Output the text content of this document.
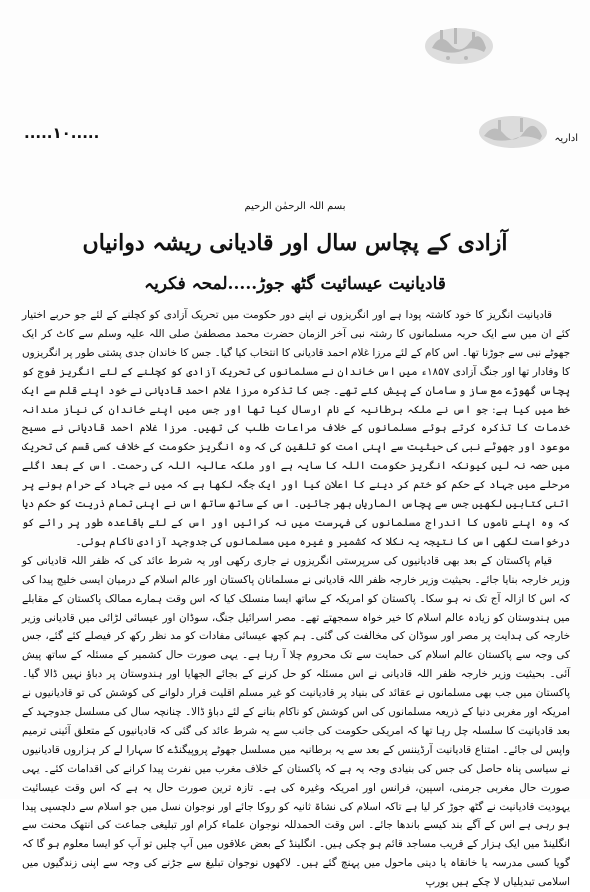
اداریہ
.....۱۰.....
بسم اللہ الرحمٰن الرحیم
آزادی کے پچاس سال اور قادیانی ریشہ دوانیاں
قادیانیت عیسائیت گٹھ جوڑ.....لمحہ فکریہ

قادیانیت انگریز کا خود کاشتہ پودا ہے اور انگریزوں نے اپنے دور حکومت میں تحریک آزادی کو کچلنے کے لئے جو حربے اختیار کئے ان میں سے ایک حربہ مسلمانوں کا رشتہ نبی آخر الزمان حضرت محمد مصطفیٰ صلی اللہ علیہ وسلم سے کاٹ کر ایک جھوٹے نبی سے جوڑنا تھا۔ اس کام کے لئے مرزا غلام احمد قادیانی کا انتخاب کیا گیا۔ جس کا خاندان جدی پشتی طور پر انگریزوں کا وفادار تھا اور جنگ آزادی ۱۸۵۷ء میں اس خاندان نے مسلمانوں کی تحریک آزادی کو کچلنے کے لئے انگریز فوج کو پچاس گھوڑے مع ساز و سامان کے پیش کئے تھے۔ جس کا تذکرہ مرزا غلام احمد قادیانی نے خود اپنے قلم سے ایک خط میں کیا ہے: جو اس نے ملکہ برطانیہ کے نام ارسال کیا تھا اور جس میں اپنے خاندان کی نیاز مندانہ خدمات کا تذکرہ کرتے ہوئے مسلمانوں کے خلاف مراعات طلب کی تھیں۔ مرزا غلام احمد قادیانی نے مسیح موعود اور جھوٹے نبی کی حیثیت سے اپنی امت کو تلقین کی کہ وہ انگریز حکومت کے خلاف کسی قسم کی تحریک میں حصہ نہ لیں کیونکہ انگریز حکومت اللہ کا سایہ ہے اور ملکہ عالیہ اللہ کی رحمت۔ اس کے بعد اگلے مرحلے میں جہاد کے حکم کو ختم کر دینے کا اعلان کیا اور ایک جگہ لکھا ہے کہ میں نے جہاد کے حرام ہونے پر اتنی کتابیں لکھیں جس سے پچاس الماریاں بھر جائیں۔ اس کے ساتھ ساتھ اس نے اپنی تمام ذریت کو حکم دیا کہ وہ اپنے ناموں کا اندراج مسلمانوں کی فہرست میں نہ کرائیں اور اس کے لئے باقاعدہ طور پر رائے کو درخواست لکھی اس کا نتیجہ یہ نکلا کہ کشمیر و غیرہ میں مسلمانوں کی جدوجہد آزادی ناکام ہوئی۔

قیام پاکستان کے بعد بھی قادیانیوں کی سرپرستی انگریزوں نے جاری رکھی اور یہ شرط عائد کی کہ ظفر اللہ قادیانی کو وزیر خارجہ بنایا جائے۔ بحیثیت وزیر خارجہ ظفر اللہ قادیانی نے مسلمانان پاکستان اور عالم اسلام کے درمیان ایسی خلیج پیدا کی کہ اس کا ازالہ آج تک نہ ہو سکا۔ پاکستان کو امریکہ کے ساتھ ایسا منسلک کیا کہ اس وقت ہمارے ممالک پاکستان کے مقابلے میں ہندوستان کو زیادہ عالم اسلام کا خیر خواہ سمجھتے تھے۔ مصر اسرائیل جنگ، سوڈان اور عیسائی لڑائی میں قادیانی وزیر خارجہ کی ہدایت پر مصر اور سوڈان کی مخالفت کی گئی۔ ہم کچھ عیسائی مفادات کو مد نظر رکھ کر فیصلے کئے گئے، جس کی وجہ سے پاکستان عالم اسلام کی حمایت سے تک محروم چلا آ رہا ہے۔ یہی صورت حال کشمیر کے مسئلہ کے ساتھ پیش آئی۔ بحیثیت وزیر خارجہ ظفر اللہ قادیانی نے اس مسئلہ کو حل کرنے کے بجائے الجھایا اور ہندوستان پر دباؤ نہیں ڈالا گیا۔ پاکستان میں جب بھی مسلمانوں نے عقائد کی بنیاد پر قادیانیت کو غیر مسلم اقلیت قرار دلوانے کی کوشش کی تو قادیانیوں نے امریکہ اور مغربی دنیا کے ذریعہ مسلمانوں کی اس کوشش کو ناکام بنانے کے لئے دباؤ ڈالا۔ چنانچہ سال کی مسلسل جدوجہد کے بعد قادیانیت کا سلسلہ چل رہا تھا کہ امریکی حکومت کی جانب سے یہ شرط عائد کی گئی کہ قادیانیوں کے متعلق آئینی ترمیم واپس لی جائے۔ امتناع قادیانیت آرڈیننس کے بعد سے یہ برطانیہ میں مسلسل جھوٹے پروپیگنڈے کا سہارا لے کر ہزاروں قادیانیوں نے سیاسی پناہ حاصل کی جس کی بنیادی وجہ یہ ہے کہ پاکستان کے خلاف مغرب میں نفرت پیدا کرانے کی اقدامات کئے۔ یہی صورت حال مغربی جرمنی، اسپین، فرانس اور امریکہ وغیرہ کی ہے۔ تازہ ترین صورت حال یہ ہے کہ اس وقت عیسائیت یہودیت قادیانیت نے گٹھ جوڑ کر لیا ہے تاکہ اسلام کی نشاۃ ثانیہ کو روکا جائے اور نوجوان نسل میں جو اسلام سے دلچسپی پیدا ہو رہی ہے اس کے آگے بند کیسے باندھا جائے۔ اس وقت الحمدللہ نوجوان علماء کرام اور تبلیغی جماعت کی انتھک محنت سے انگلینڈ میں ایک ہزار کے قریب مساجد قائم ہو چکی ہیں۔ انگلینڈ کے بعض علاقوں میں آپ چلیں تو آپ کو ایسا معلوم ہو گا کہ گویا کسی مدرسہ یا خانقاہ یا دینی ماحول میں پہنچ گئے ہیں۔ لاکھوں نوجوان تبلیغ سے جڑنے کی وجہ سے اپنی زندگیوں میں اسلامی تبدیلیاں لا چکے ہیں یورپ
